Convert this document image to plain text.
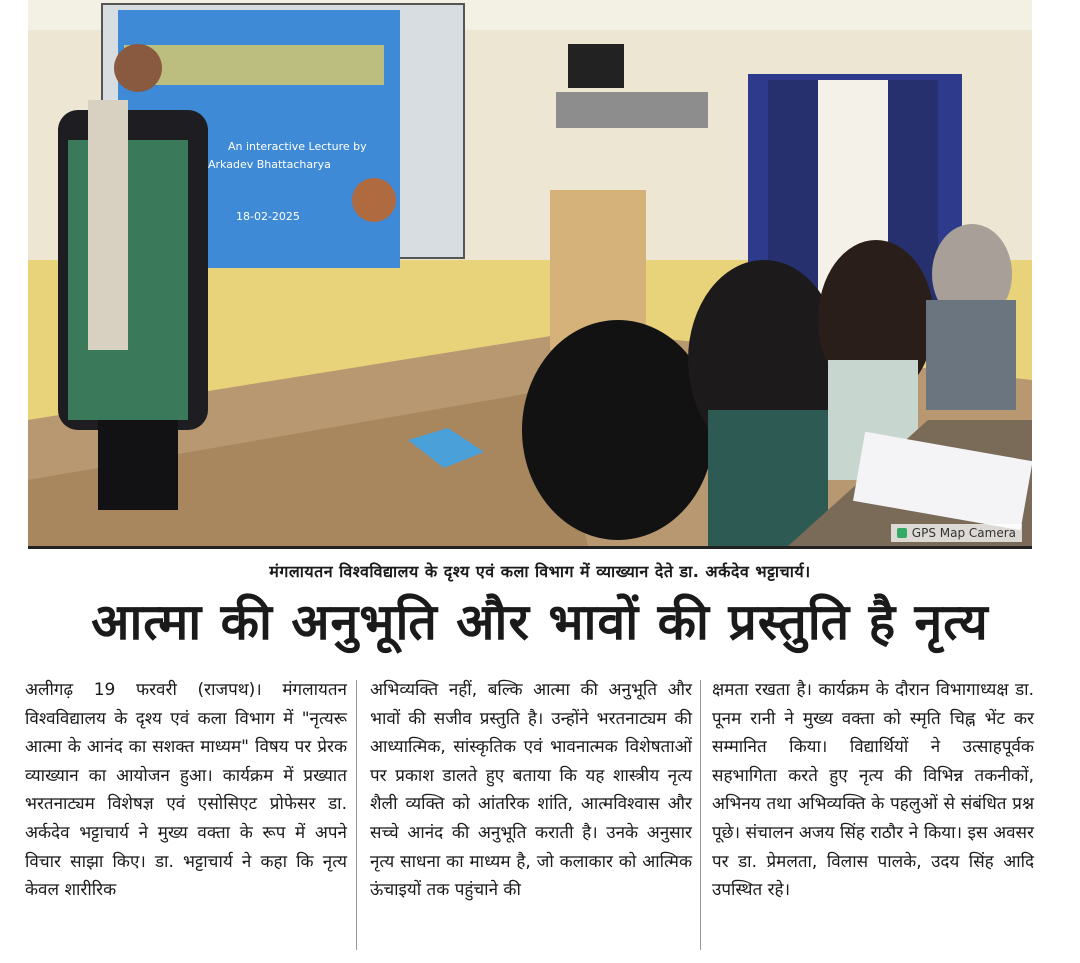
An interactive Lecture by
Arkadev Bhattacharya
18-02-2025
GPS Map Camera
मंगलायतन विश्वविद्यालय के दृश्य एवं कला विभाग में व्याख्यान देते डा. अर्कदेव भट्टाचार्य।
आत्मा की अनुभूति और भावों की प्रस्तुति है नृत्य
अलीगढ़ 19 फरवरी (राजपथ)। मंगलायतन विश्वविद्यालय के दृश्य एवं कला विभाग में "नृत्यरू आत्मा के आनंद का सशक्त माध्यम" विषय पर प्रेरक व्याख्यान का आयोजन हुआ। कार्यक्रम में प्रख्यात भरतनाट्यम विशेषज्ञ एवं एसोसिएट प्रोफेसर डा. अर्कदेव भट्टाचार्य ने मुख्य वक्ता के रूप में अपने विचार साझा किए। डा. भट्टाचार्य ने कहा कि नृत्य केवल शारीरिक
अभिव्यक्ति नहीं, बल्कि आत्मा की अनुभूति और भावों की सजीव प्रस्तुति है। उन्होंने भरतनाट्यम की आध्यात्मिक, सांस्कृतिक एवं भावनात्मक विशेषताओं पर प्रकाश डालते हुए बताया कि यह शास्त्रीय नृत्य शैली व्यक्ति को आंतरिक शांति, आत्मविश्वास और सच्चे आनंद की अनुभूति कराती है। उनके अनुसार नृत्य साधना का माध्यम है, जो कलाकार को आत्मिक ऊंचाइयों तक पहुंचाने की
क्षमता रखता है। कार्यक्रम के दौरान विभागाध्यक्ष डा. पूनम रानी ने मुख्य वक्ता को स्मृति चिह्न भेंट कर सम्मानित किया। विद्यार्थियों ने उत्साहपूर्वक सहभागिता करते हुए नृत्य की विभिन्न तकनीकों, अभिनय तथा अभिव्यक्ति के पहलुओं से संबंधित प्रश्न पूछे। संचालन अजय सिंह राठौर ने किया। इस अवसर पर डा. प्रेमलता, विलास पालके, उदय सिंह आदि उपस्थित रहे।
